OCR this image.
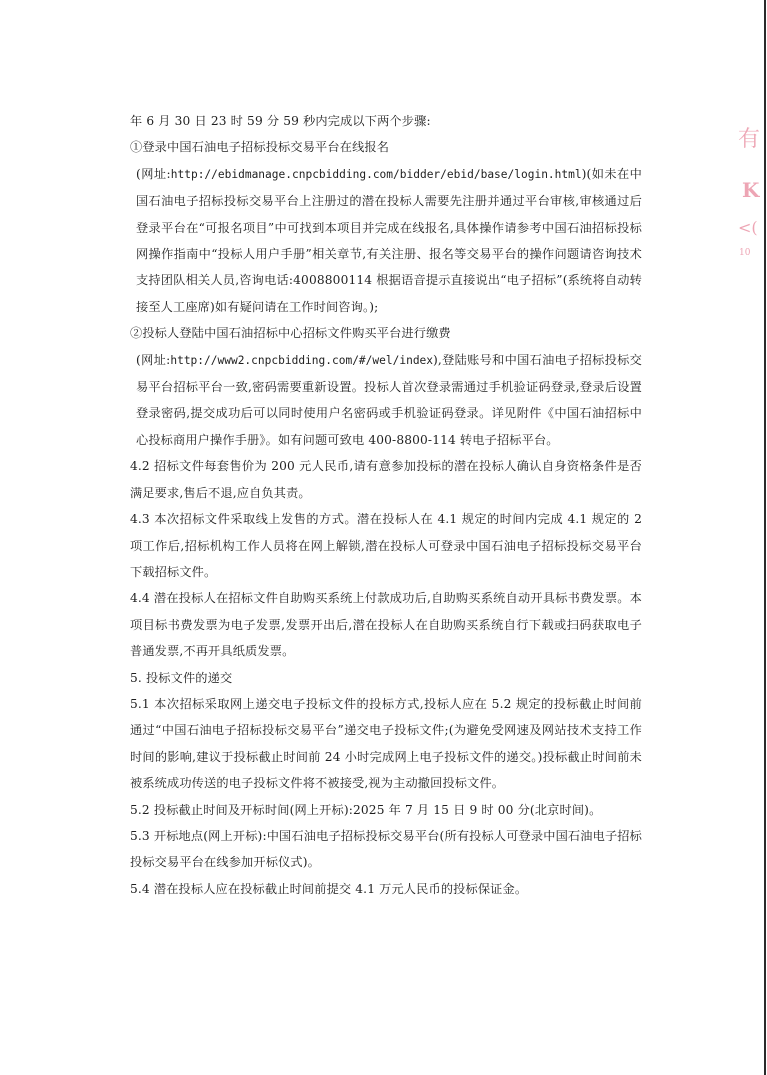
年 6 月 30 日 23 时 59 分 59 秒内完成以下两个步骤:

①登录中国石油电子招标投标交易平台在线报名

(网址:http://ebidmanage.cnpcbidding.com/bidder/ebid/base/login.html)(如未在中国石油电子招标投标交易平台上注册过的潜在投标人需要先注册并通过平台审核,审核通过后登录平台在“可报名项目”中可找到本项目并完成在线报名,具体操作请参考中国石油招标投标网操作指南中“投标人用户手册”相关章节,有关注册、报名等交易平台的操作问题请咨询技术支持团队相关人员,咨询电话:4008800114 根据语音提示直接说出“电子招标”(系统将自动转接至人工座席)如有疑问请在工作时间咨询。);

②投标人登陆中国石油招标中心招标文件购买平台进行缴费

(网址:http://www2.cnpcbidding.com/#/wel/index),登陆账号和中国石油电子招标投标交易平台招标平台一致,密码需要重新设置。投标人首次登录需通过手机验证码登录,登录后设置登录密码,提交成功后可以同时使用户名密码或手机验证码登录。详见附件《中国石油招标中心投标商用户操作手册》。如有问题可致电 400-8800-114 转电子招标平台。

4.2 招标文件每套售价为 200 元人民币,请有意参加投标的潜在投标人确认自身资格条件是否满足要求,售后不退,应自负其责。

4.3 本次招标文件采取线上发售的方式。潜在投标人在 4.1 规定的时间内完成 4.1 规定的 2 项工作后,招标机构工作人员将在网上解锁,潜在投标人可登录中国石油电子招标投标交易平台下载招标文件。

4.4 潜在投标人在招标文件自助购买系统上付款成功后,自助购买系统自动开具标书费发票。本项目标书费发票为电子发票,发票开出后,潜在投标人在自助购买系统自行下载或扫码获取电子普通发票,不再开具纸质发票。

5. 投标文件的递交

5.1 本次招标采取网上递交电子投标文件的投标方式,投标人应在 5.2 规定的投标截止时间前通过“中国石油电子招标投标交易平台”递交电子投标文件;(为避免受网速及网站技术支持工作时间的影响,建议于投标截止时间前 24 小时完成网上电子投标文件的递交。)投标截止时间前未被系统成功传送的电子投标文件将不被接受,视为主动撤回投标文件。

5.2 投标截止时间及开标时间(网上开标):2025 年 7 月 15 日 9 时 00 分(北京时间)。

5.3 开标地点(网上开标):中国石油电子招标投标交易平台(所有投标人可登录中国石油电子招标投标交易平台在线参加开标仪式)。

5.4 潜在投标人应在投标截止时间前提交 4.1 万元人民币的投标保证金。

有
K
<(
10
